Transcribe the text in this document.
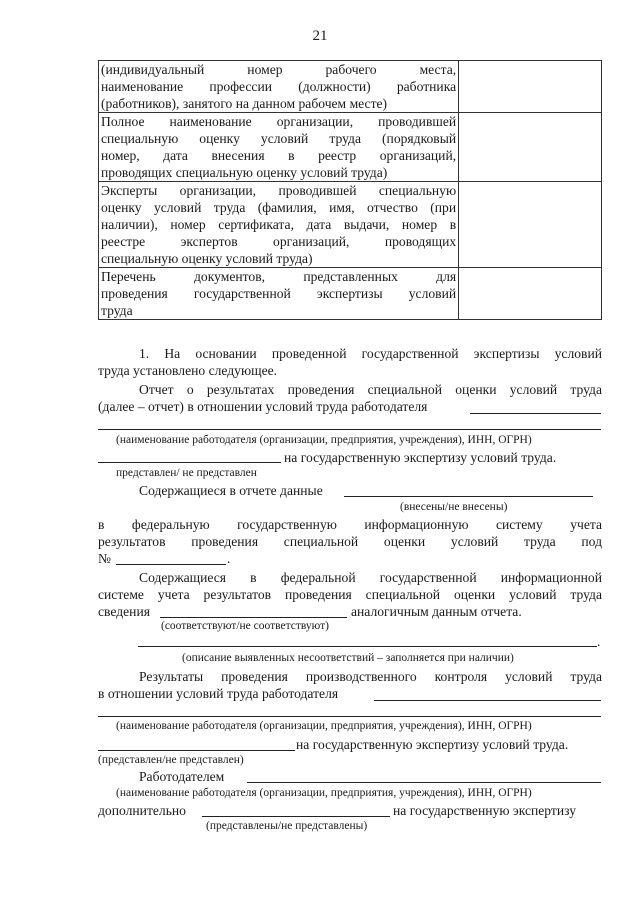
21
(индивидуальный номер рабочего места,
наименование профессии (должности) работника
(работников), занятого на данном рабочем месте)	

Полное наименование организации, проводившей
специальную оценку условий труда (порядковый
номер, дата внесения в реестр организаций,
проводящих специальную оценку условий труда)	

Эксперты организации, проводившей специальную
оценку условий труда (фамилия, имя, отчество (при
наличии), номер сертификата, дата выдачи, номер в
реестре экспертов организаций, проводящих
специальную оценку условий труда)	

Перечень документов, представленных для
проведения государственной экспертизы условий
труда	

1. На основании проведенной государственной экспертизы условий
труда установлено следующее.
Отчет о результатах проведения специальной оценки условий труда
(далее – отчет) в отношении условий труда работодателя
(наименование работодателя (организации, предприятия, учреждения), ИНН, ОГРН)
на государственную экспертизу условий труда.
представлен/ не представлен
Содержащиеся в отчете данные
(внесены/не внесены)
в федеральную государственную информационную систему учета
результатов проведения специальной оценки условий труда под
№	.
Содержащиеся в федеральной государственной информационной
системе учета результатов проведения специальной оценки условий труда
сведения	аналогичным данным отчета.
(соответствуют/не соответствуют)
.
(описание выявленных несоответствий – заполняется при наличии)
Результаты проведения производственного контроля условий труда
в отношении условий труда работодателя
(наименование работодателя (организации, предприятия, учреждения), ИНН, ОГРН)
на государственную экспертизу условий труда.
(представлен/не представлен)
Работодателем
(наименование работодателя (организации, предприятия, учреждения), ИНН, ОГРН)
дополнительно	на государственную экспертизу
(представлены/не представлены)
